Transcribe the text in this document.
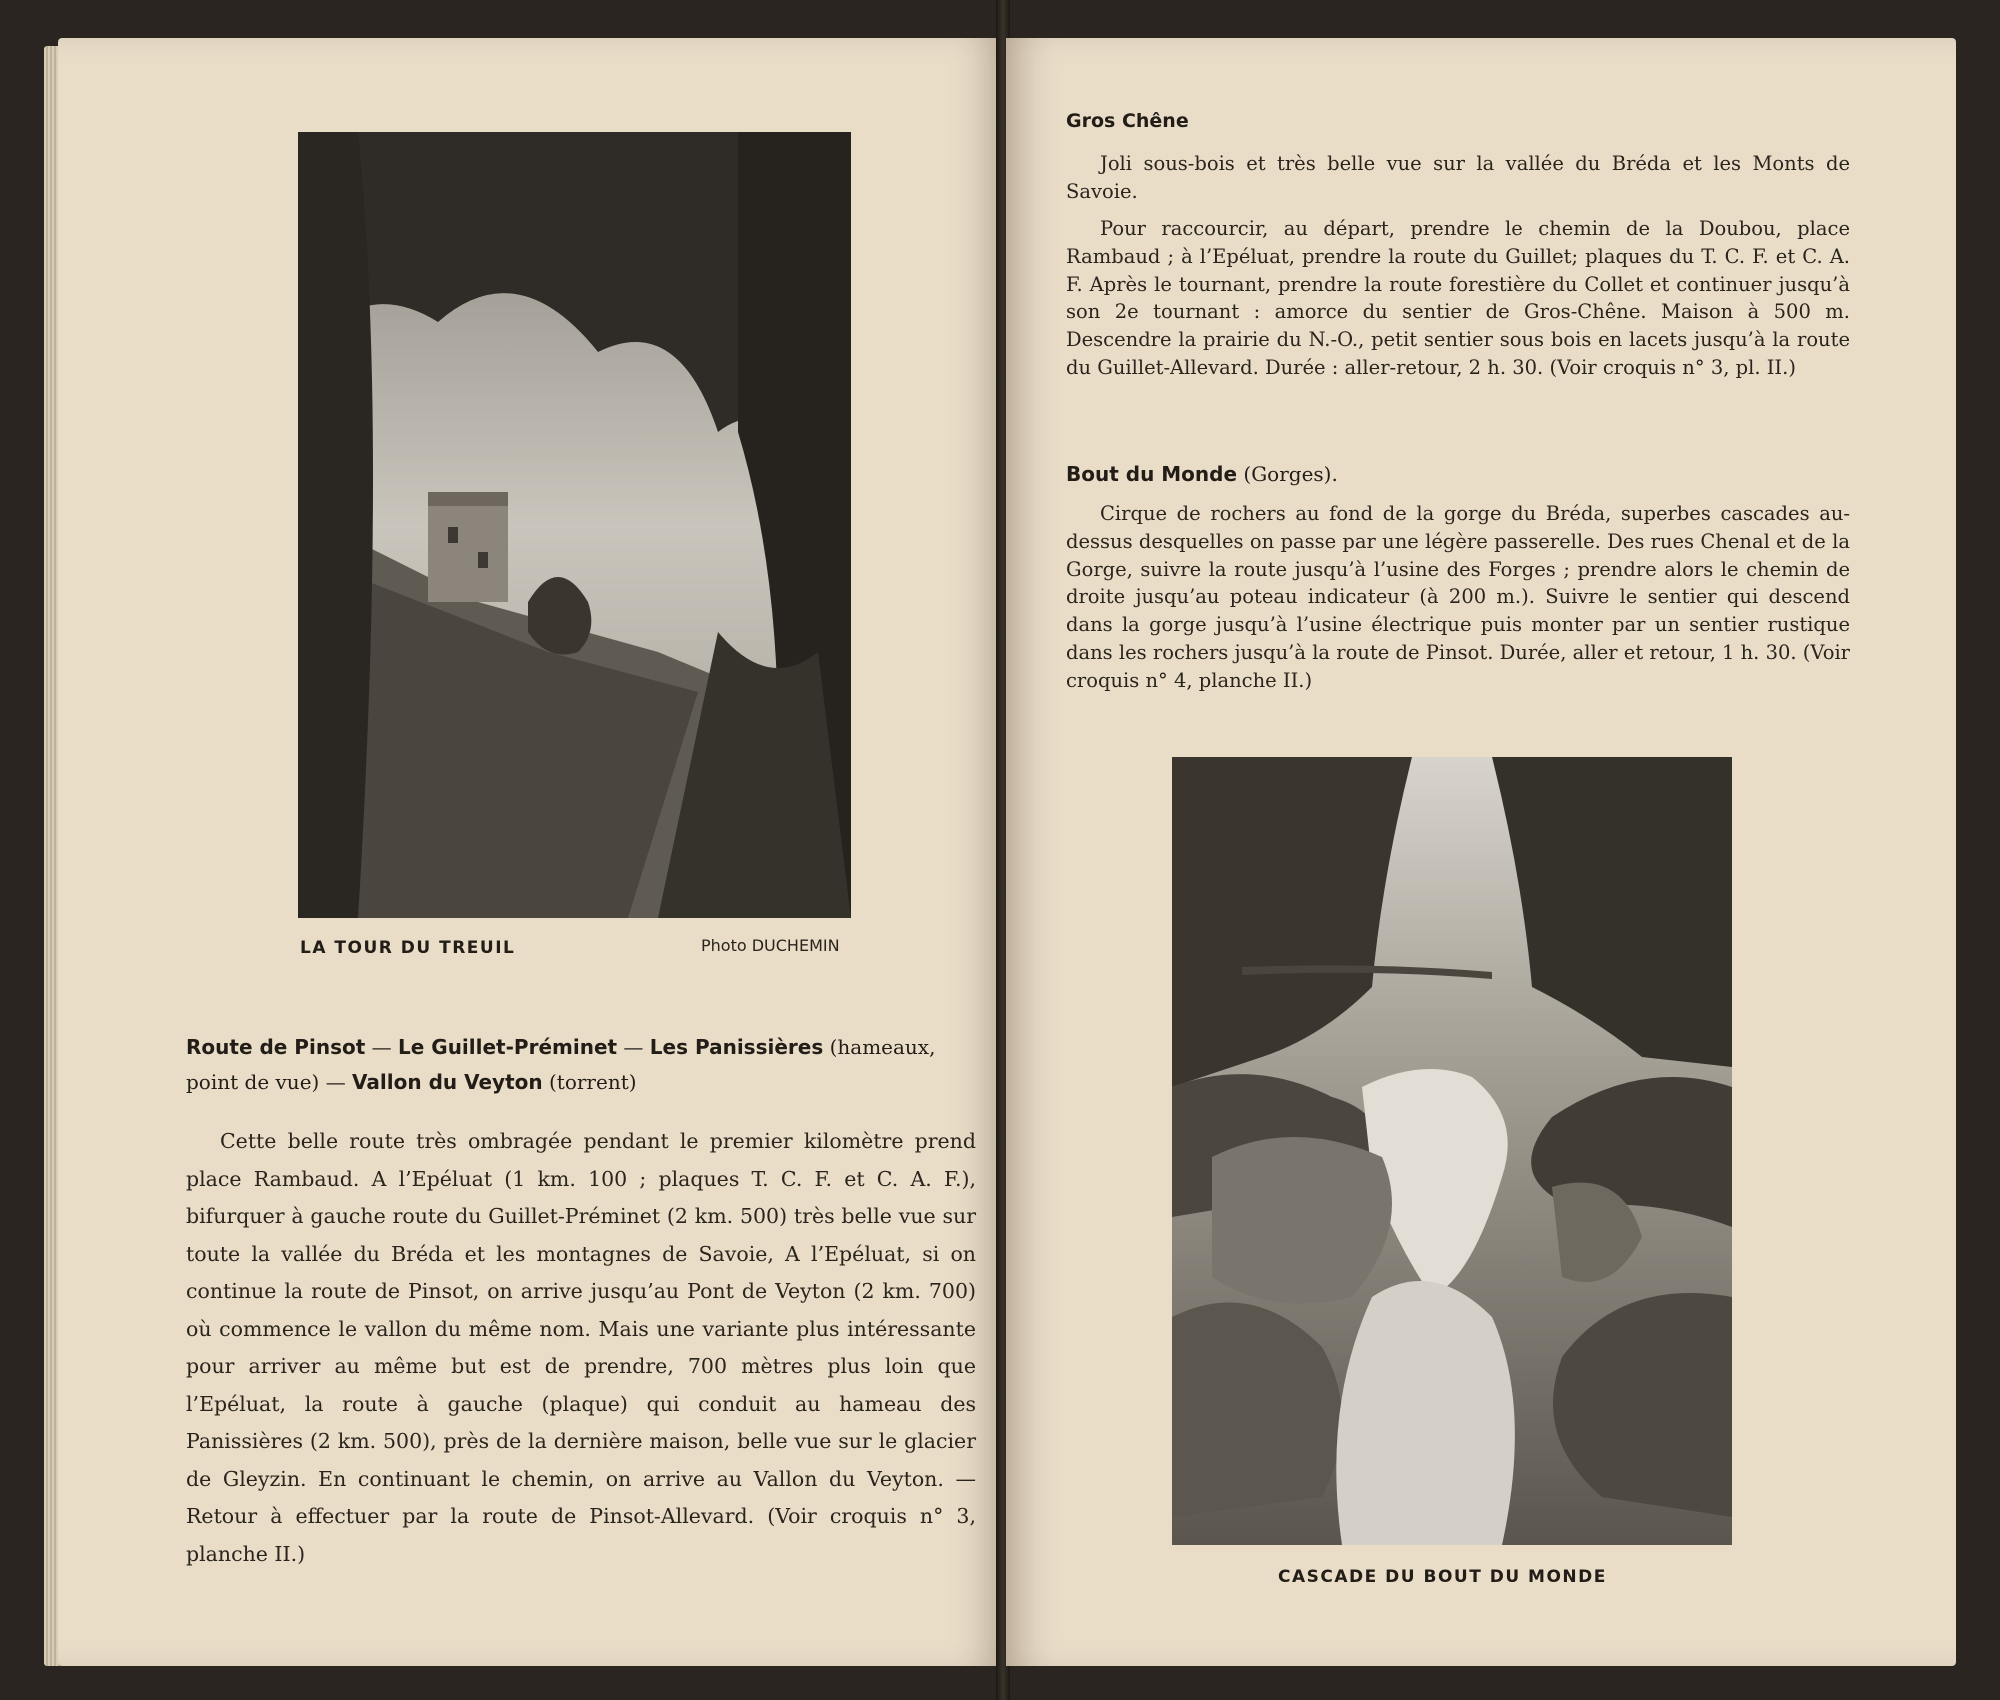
LA TOUR DU TREUIL	Photo DUCHEMIN
Route de Pinsot — Le Guillet-Préminet — Les Panissières (hameaux, point de vue) — Vallon du Veyton (torrent)
Cette belle route très ombragée pendant le premier kilomètre prend place Rambaud. A l’Epéluat (1 km. 100 ; plaques T. C. F. et C. A. F.), bifurquer à gauche route du Guillet-Préminet (2 km. 500) très belle vue sur toute la vallée du Bréda et les montagnes de Savoie, A l’Epéluat, si on continue la route de Pinsot, on arrive jusqu’au Pont de Veyton (2 km. 700) où commence le vallon du même nom. Mais une variante plus intéressante pour arriver au même but est de prendre, 700 mètres plus loin que l’Epéluat, la route à gauche (plaque) qui conduit au hameau des Panissières (2 km. 500), près de la dernière maison, belle vue sur le glacier de Gleyzin. En continuant le chemin, on arrive au Vallon du Veyton. — Retour à effectuer par la route de Pinsot-Allevard. (Voir croquis n° 3, planche II.)
Gros Chêne
Joli sous-bois et très belle vue sur la vallée du Bréda et les Monts de Savoie.
Pour raccourcir, au départ, prendre le chemin de la Doubou, place Rambaud ; à l’Epéluat, prendre la route du Guillet; plaques du T. C. F. et C. A. F. Après le tournant, prendre la route forestière du Collet et continuer jusqu’à son 2e tournant : amorce du sentier de Gros-Chêne. Maison à 500 m. Descendre la prairie du N.-O., petit sentier sous bois en lacets jusqu’à la route du Guillet-Allevard. Durée : aller-retour, 2 h. 30. (Voir croquis n° 3, pl. II.)
Bout du Monde (Gorges).
Cirque de rochers au fond de la gorge du Bréda, superbes cascades au-dessus desquelles on passe par une légère passerelle. Des rues Chenal et de la Gorge, suivre la route jusqu’à l’usine des Forges ; prendre alors le chemin de droite jusqu’au poteau indicateur (à 200 m.). Suivre le sentier qui descend dans la gorge jusqu’à l’usine électrique puis monter par un sentier rustique dans les rochers jusqu’à la route de Pinsot. Durée, aller et retour, 1 h. 30. (Voir croquis n° 4, planche II.)
CASCADE DU BOUT DU MONDE
